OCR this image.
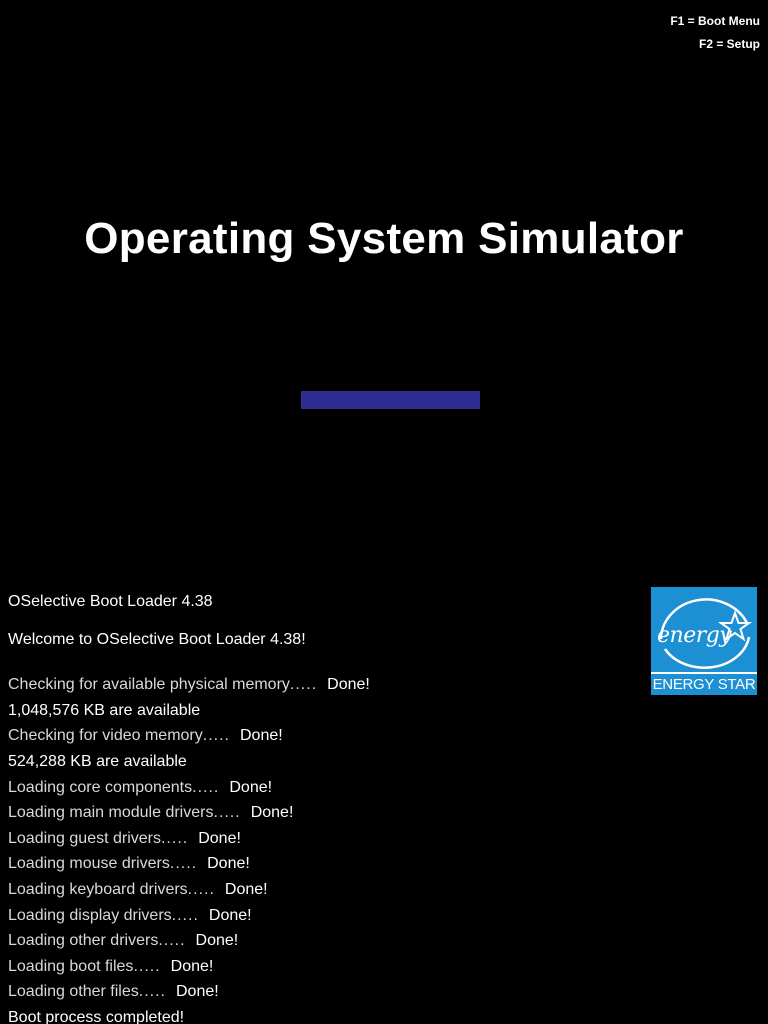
F1 = Boot Menu
F2 = Setup
Operating System Simulator
energy
ENERGY STAR
OSelective Boot Loader 4.38
Welcome to OSelective Boot Loader 4.38!
Checking for available physical memory..... Done!
1,048,576 KB are available
Checking for video memory..... Done!
524,288 KB are available
Loading core components..... Done!
Loading main module drivers..... Done!
Loading guest drivers..... Done!
Loading mouse drivers..... Done!
Loading keyboard drivers..... Done!
Loading display drivers..... Done!
Loading other drivers..... Done!
Loading boot files..... Done!
Loading other files..... Done!
Boot process completed!
